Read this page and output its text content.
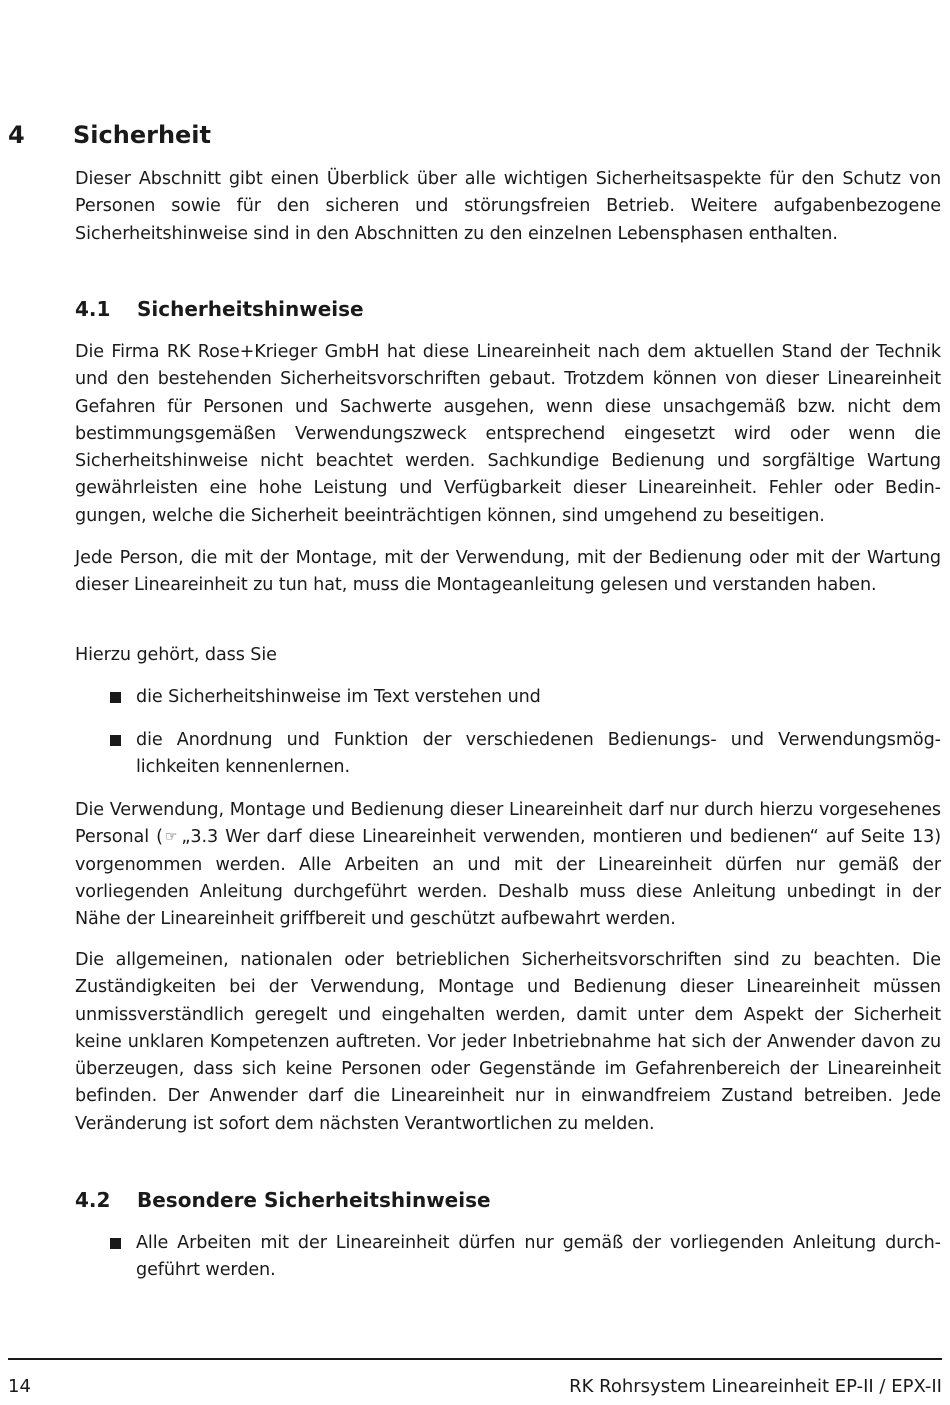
4 Sicherheit

Dieser Abschnitt gibt einen Überblick über alle wichtigen Sicherheitsaspekte für den Schutz von Personen sowie für den sicheren und störungsfreien Betrieb. Weitere aufgabenbezogene Sicherheitshinweise sind in den Abschnitten zu den einzelnen Lebensphasen enthalten.

4.1 Sicherheitshinweise

Die Firma RK Rose+Krieger GmbH hat diese Lineareinheit nach dem aktuellen Stand der Technik und den bestehenden Sicherheitsvorschriften gebaut. Trotzdem können von dieser Lineareinheit Gefahren für Personen und Sachwerte ausgehen, wenn diese unsachgemäß bzw. nicht dem bestimmungsgemäßen Verwendungszweck entsprechend eingesetzt wird oder wenn die Sicherheitshinweise nicht beachtet werden. Sachkundige Bedienung und sorgfältige Wartung gewährleisten eine hohe Leistung und Verfügbarkeit dieser Lineareinheit. Fehler oder Bedingungen, welche die Sicherheit beeinträchtigen können, sind umgehend zu beseitigen.

Jede Person, die mit der Montage, mit der Verwendung, mit der Bedienung oder mit der Wartung dieser Lineareinheit zu tun hat, muss die Montageanleitung gelesen und verstanden haben.

Hierzu gehört, dass Sie

die Sicherheitshinweise im Text verstehen und
die Anordnung und Funktion der verschiedenen Bedienungs- und Verwendungsmöglichkeiten kennenlernen.

Die Verwendung, Montage und Bedienung dieser Lineareinheit darf nur durch hierzu vorgesehenes Personal ( ☞ „3.3 Wer darf diese Lineareinheit verwenden, montieren und bedienen“ auf Seite 13) vorgenommen werden. Alle Arbeiten an und mit der Lineareinheit dürfen nur gemäß der vorliegenden Anleitung durchgeführt werden. Deshalb muss diese Anleitung unbedingt in der Nähe der Lineareinheit griffbereit und geschützt aufbewahrt werden.

Die allgemeinen, nationalen oder betrieblichen Sicherheitsvorschriften sind zu beachten. Die Zuständigkeiten bei der Verwendung, Montage und Bedienung dieser Lineareinheit müssen unmissverständlich geregelt und eingehalten werden, damit unter dem Aspekt der Sicherheit keine unklaren Kompetenzen auftreten. Vor jeder Inbetriebnahme hat sich der Anwender davon zu überzeugen, dass sich keine Personen oder Gegenstände im Gefahrenbereich der Lineareinheit befinden. Der Anwender darf die Lineareinheit nur in einwandfreiem Zustand betreiben. Jede Veränderung ist sofort dem nächsten Verantwortlichen zu melden.

4.2 Besondere Sicherheitshinweise
Alle Arbeiten mit der Lineareinheit dürfen nur gemäß der vorliegenden Anleitung durchgeführt werden.
14	RK Rohrsystem Lineareinheit EP-II / EPX-II
